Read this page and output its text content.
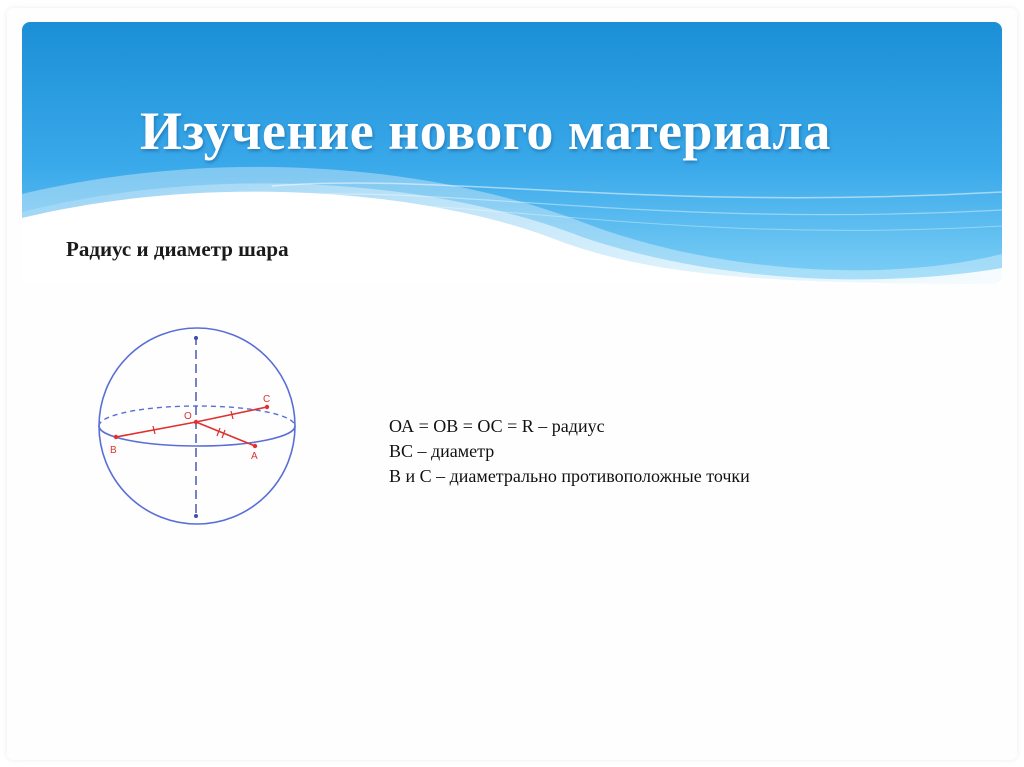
Изучение нового материала
Радиус и диаметр шара
O
B
C
A
ОА = ОВ = ОС = R – радиус
ВС – диаметр
В и С – диаметрально противоположные точки
